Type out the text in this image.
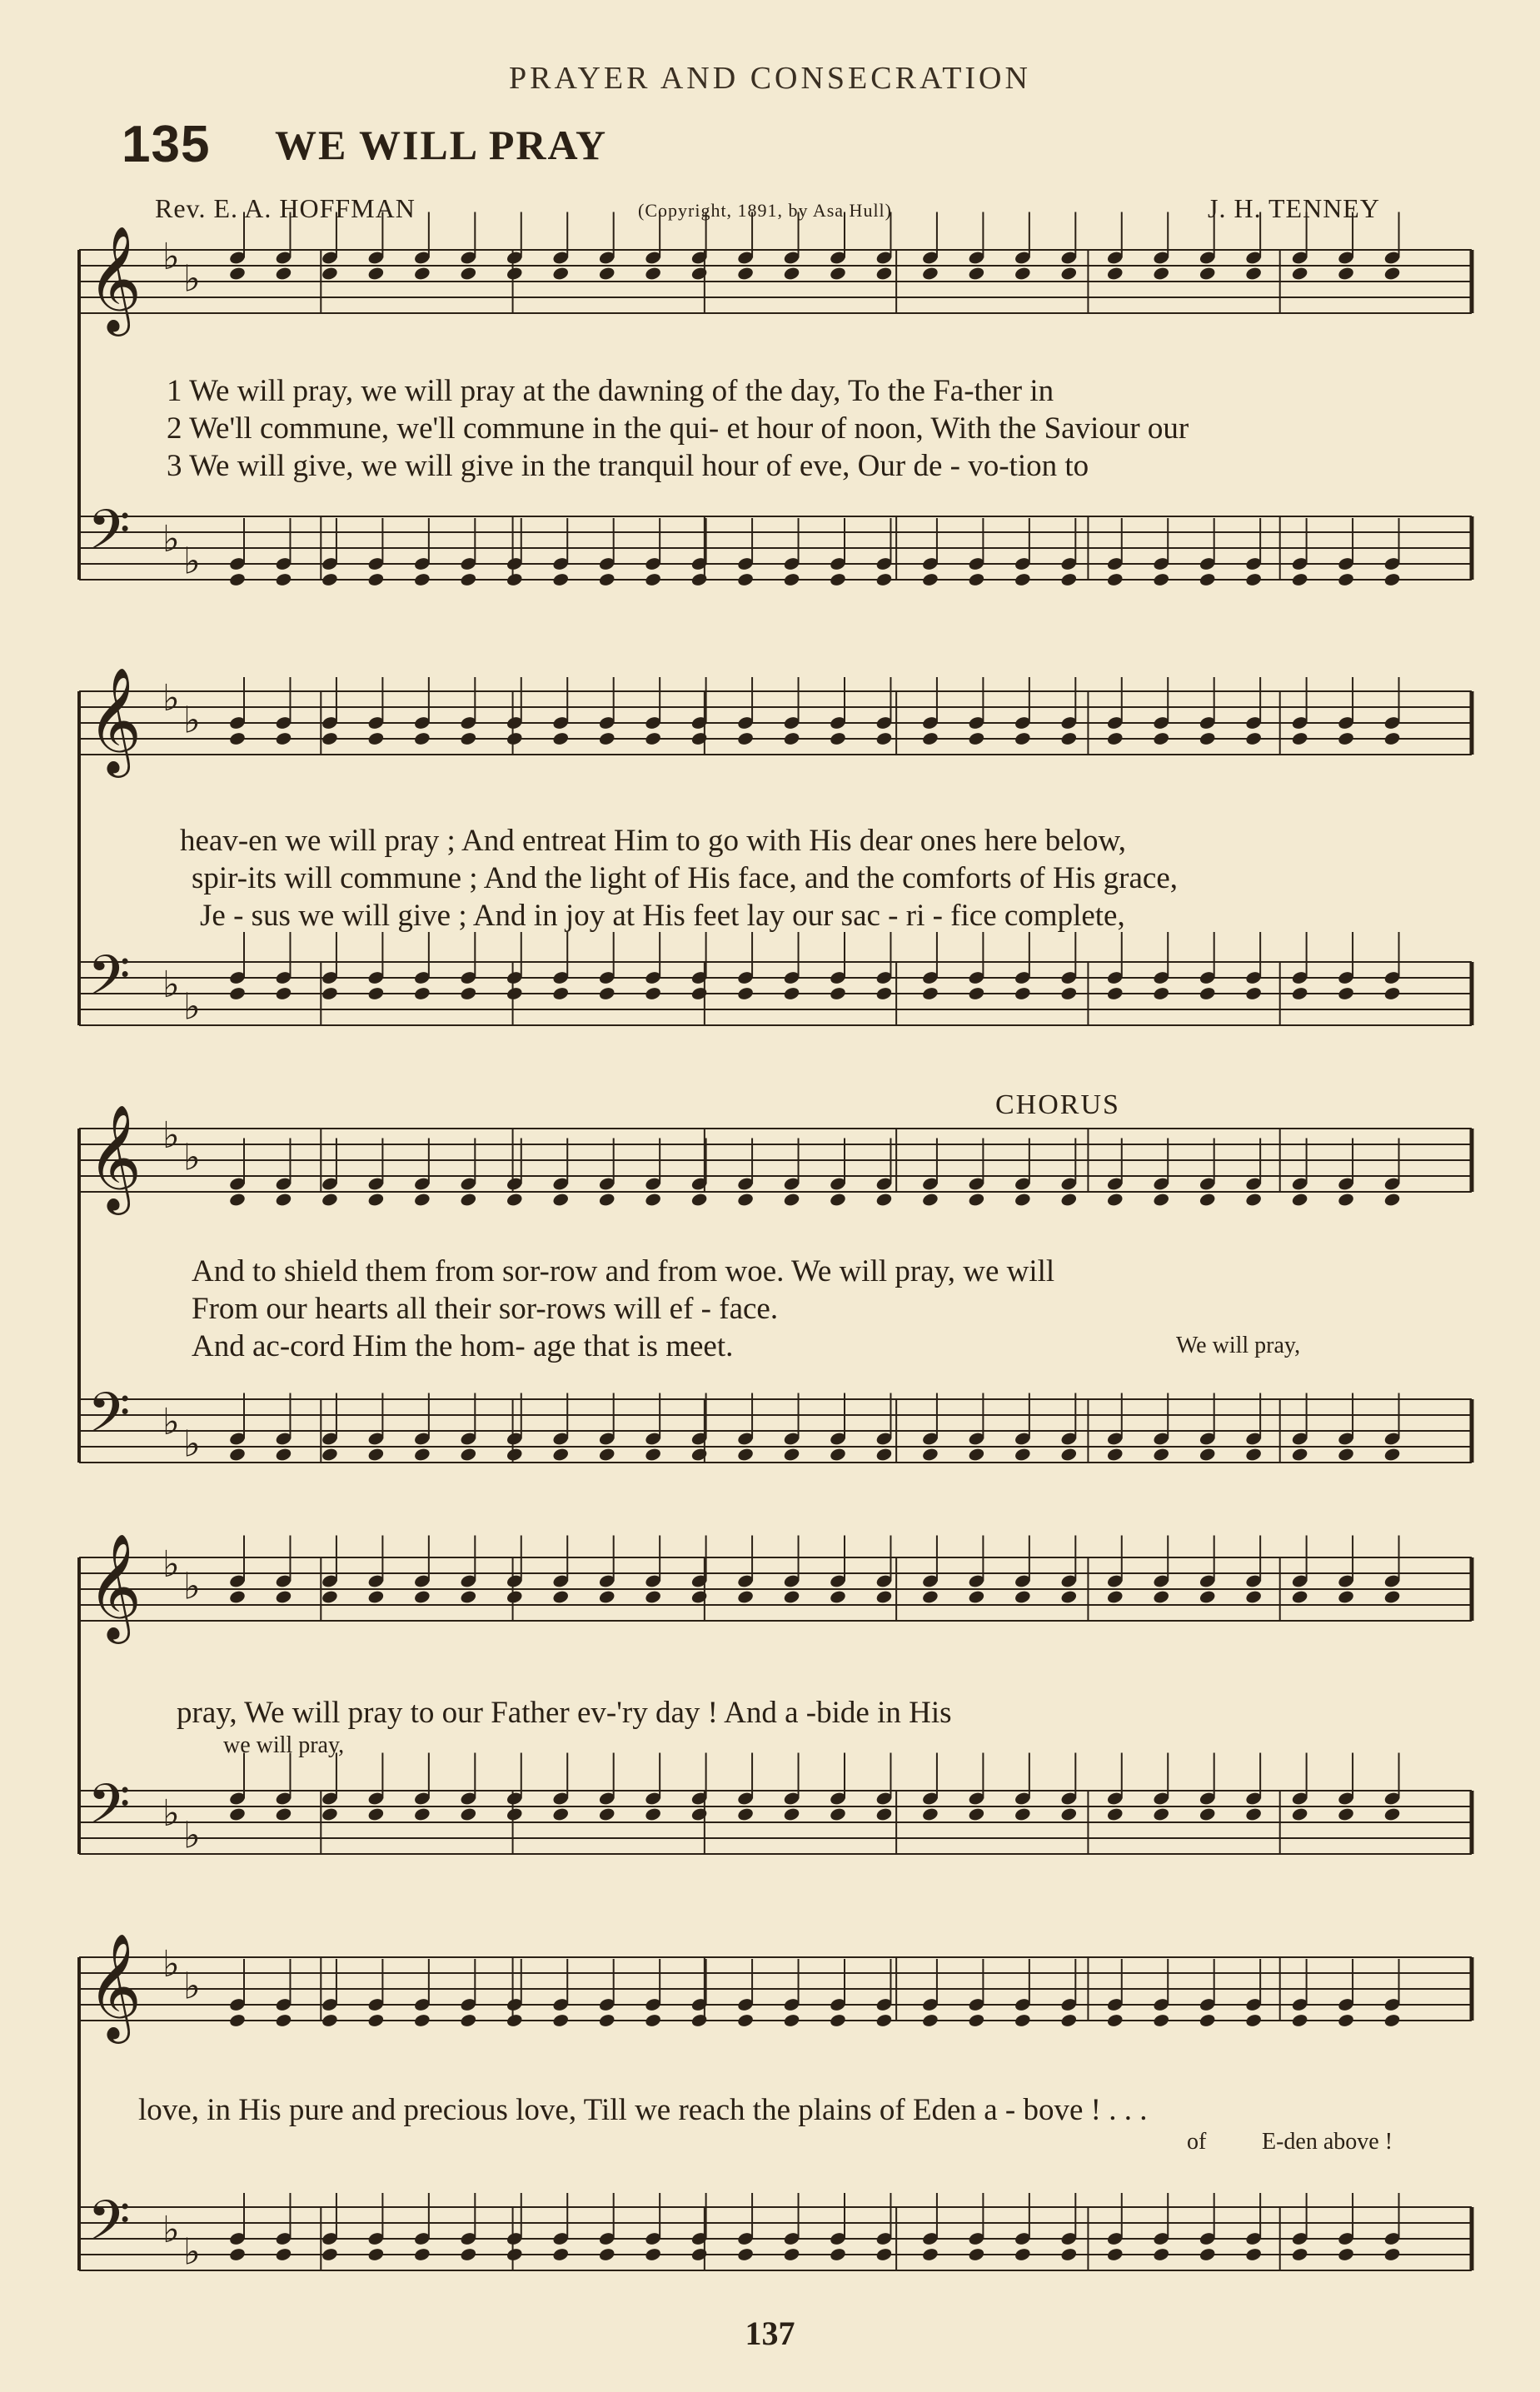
PRAYER AND CONSECRATION
135 WE WILL PRAY
Rev. E. A. HOFFMAN	(Copyright, 1891, by Asa Hull)	J. H. TENNEY
𝄞 ♭
♭
𝄢 ♭
♭
1 We will pray, we will pray at the dawning of the day, To the Fa-ther in
2 We'll commune, we'll commune in the qui- et hour of noon, With the Saviour our
3 We will give, we will give in the tranquil hour of eve, Our de - vo-tion to
𝄞 ♭
♭
𝄢 ♭
♭
heav-en we will pray ; And entreat Him to go with His dear ones here below,
spir-its will commune ; And the light of His face, and the comforts of His grace,
Je - sus we will give ; And in joy at His feet lay our sac - ri - fice complete,
CHORUS
𝄞 ♭
♭
𝄢 ♭
♭
And to shield them from sor-row and from woe. We will pray, we will
From our hearts all their sor-rows will ef - face.
And ac-cord Him the hom- age that is meet.	We will pray,
𝄞 ♭
♭
𝄢 ♭
♭
pray, We will pray to our Father ev-'ry day ! And a -bide in His
we will pray,
𝄞 ♭
♭
𝄢 ♭
♭
love, in His pure and precious love, Till we reach the plains of Eden a - bove ! . . .
of E-den above !
137
